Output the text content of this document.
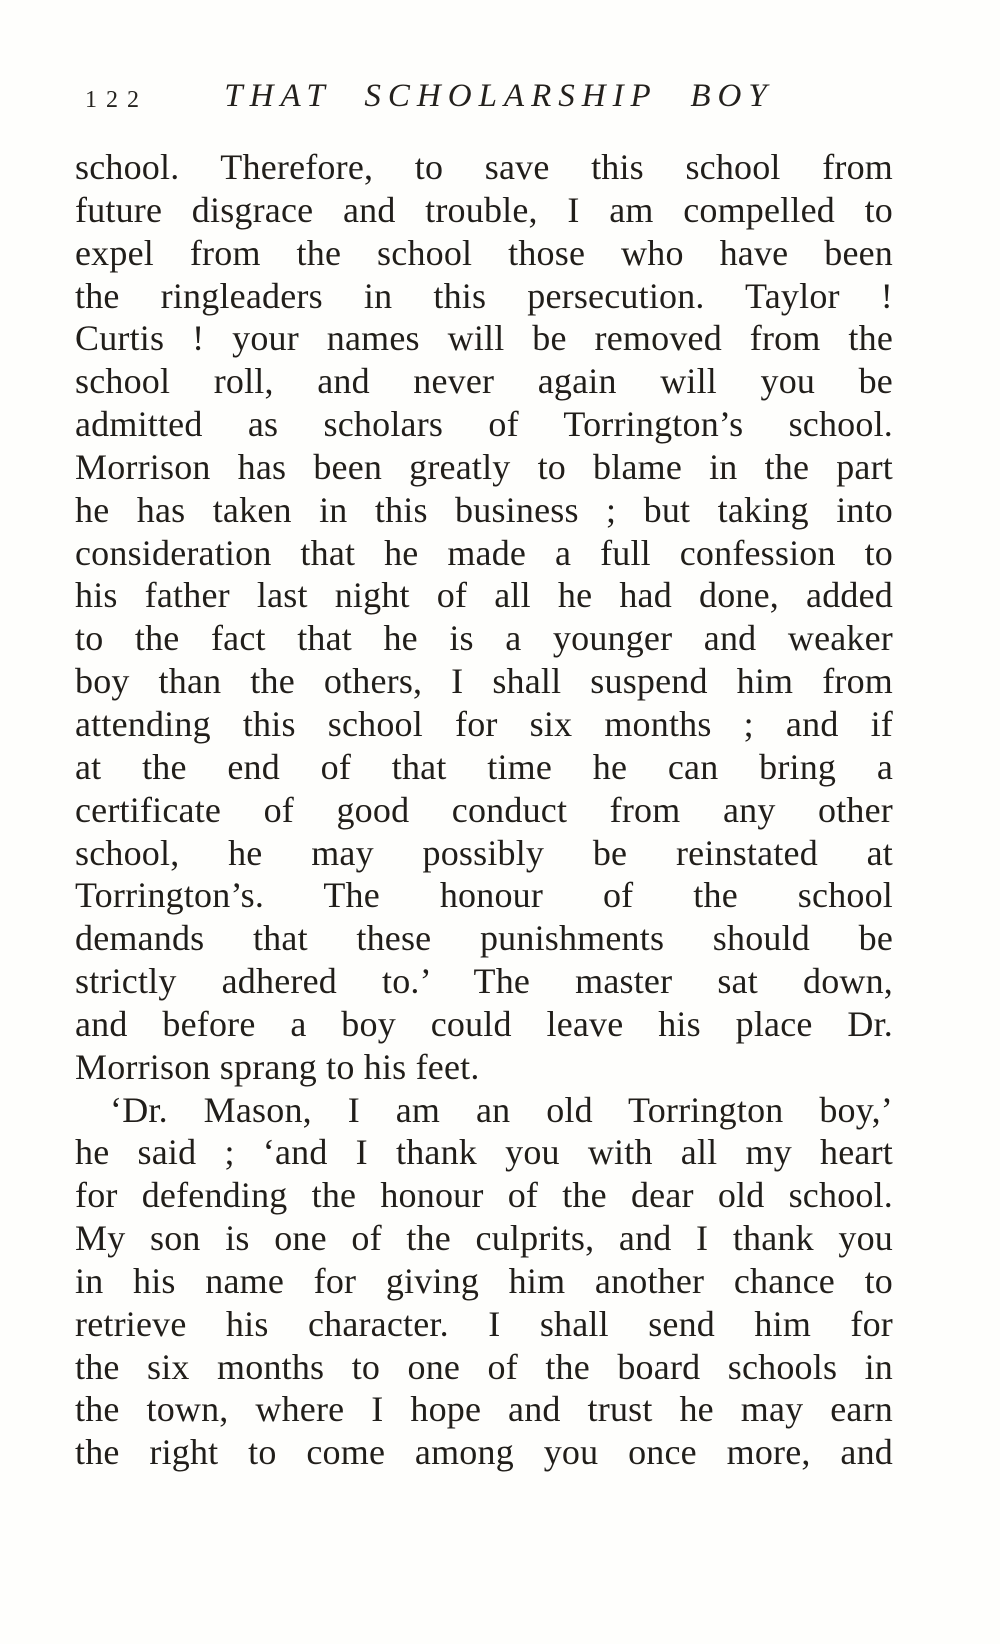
122	THAT SCHOLARSHIP BOY
school. Therefore, to save this school from
future disgrace and trouble, I am compelled to
expel from the school those who have been
the ringleaders in this persecution. Taylor !
Curtis ! your names will be removed from the
school roll, and never again will you be
admitted as scholars of Torrington’s school.
Morrison has been greatly to blame in the part
he has taken in this business ; but taking into
consideration that he made a full confession to
his father last night of all he had done, added
to the fact that he is a younger and weaker
boy than the others, I shall suspend him from
attending this school for six months ; and if
at the end of that time he can bring a
certificate of good conduct from any other
school, he may possibly be reinstated at
Torrington’s. The honour of the school
demands that these punishments should be
strictly adhered to.’ The master sat down,
and before a boy could leave his place Dr.
Morrison sprang to his feet.
‘Dr. Mason, I am an old Torrington boy,’
he said ; ‘and I thank you with all my heart
for defending the honour of the dear old school.
My son is one of the culprits, and I thank you
in his name for giving him another chance to
retrieve his character. I shall send him for
the six months to one of the board schools in
the town, where I hope and trust he may earn
the right to come among you once more, and
